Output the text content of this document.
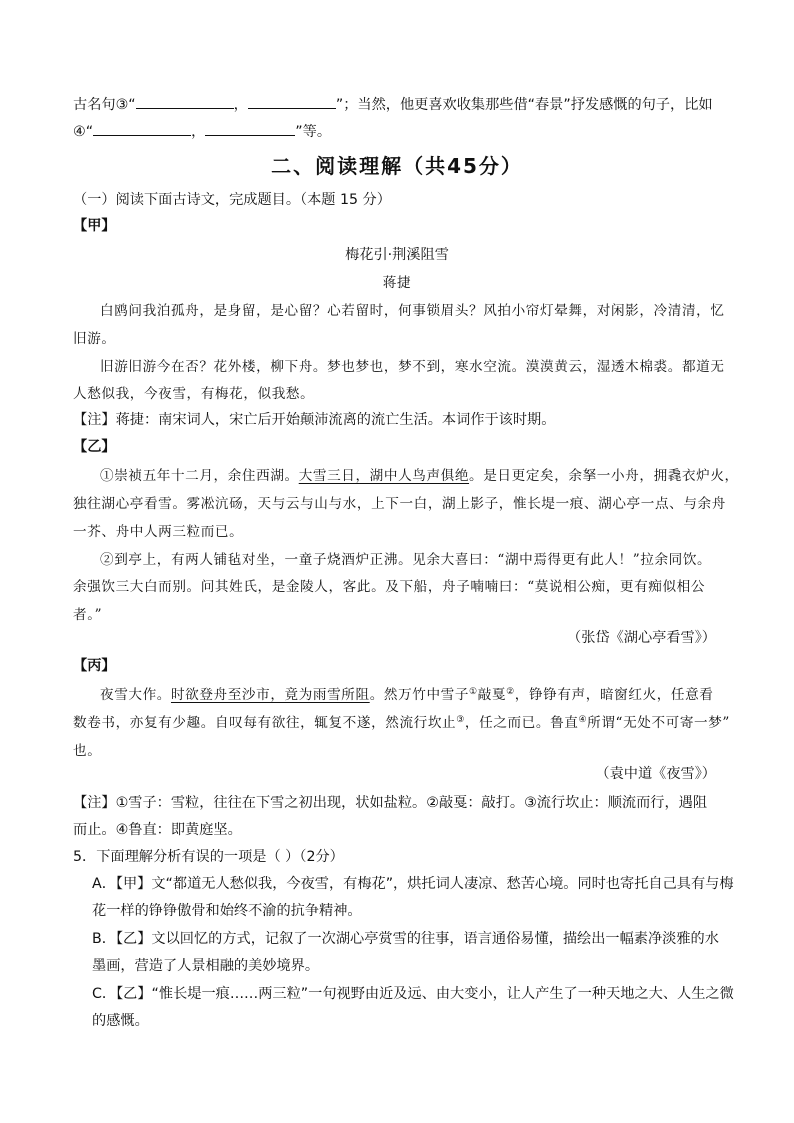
古名句③“	，	”；当然，他更喜欢收集那些借“春景”抒发感慨的句子，比如
④“	，	”等。
二、阅读理解（共45分）
（一）阅读下面古诗文，完成题目。（本题 15 分）
【甲】
梅花引·荆溪阻雪
蒋捷
白鸥问我泊孤舟，是身留，是心留？心若留时，何事锁眉头？风拍小帘灯晕舞，对闲影，冷清清，忆
旧游。
旧游旧游今在否？花外楼，柳下舟。梦也梦也，梦不到，寒水空流。漠漠黄云，湿透木棉裘。都道无
人愁似我，今夜雪，有梅花，似我愁。
【注】蒋捷：南宋词人，宋亡后开始颠沛流离的流亡生活。本词作于该时期。
【乙】
①崇祯五年十二月，余住西湖。大雪三日，湖中人鸟声俱绝。是日更定矣，余拏一小舟，拥毳衣炉火，
独往湖心亭看雪。雾凇沆砀，天与云与山与水，上下一白，湖上影子，惟长堤一痕、湖心亭一点、与余舟
一芥、舟中人两三粒而已。
②到亭上，有两人铺毡对坐，一童子烧酒炉正沸。见余大喜曰：“湖中焉得更有此人！”拉余同饮。
余强饮三大白而别。问其姓氏，是金陵人，客此。及下船，舟子喃喃曰：“莫说相公痴，更有痴似相公
者。”
（张岱《湖心亭看雪》）
【丙】
夜雪大作。时欲登舟至沙市，竟为雨雪所阻。然万竹中雪子①敲戛②，铮铮有声，暗窗红火，任意看
数卷书，亦复有少趣。自叹每有欲往，辄复不遂，然流行坎止③，任之而已。鲁直④所谓“无处不可寄一梦”
也。
（袁中道《夜雪》）
【注】①雪子：雪粒，往往在下雪之初出现，状如盐粒。②敲戛：敲打。③流行坎止：顺流而行，遇阻
而止。④鲁直：即黄庭坚。
5．下面理解分析有误的一项是（ ）（2分）
A．【甲】文“都道无人愁似我，今夜雪，有梅花”，烘托词人凄凉、愁苦心境。同时也寄托自己具有与梅
花一样的铮铮傲骨和始终不渝的抗争精神。
B．【乙】文以回忆的方式，记叙了一次湖心亭赏雪的往事，语言通俗易懂，描绘出一幅素净淡雅的水
墨画，营造了人景相融的美妙境界。
C．【乙】“惟长堤一痕……两三粒”一句视野由近及远、由大变小，让人产生了一种天地之大、人生之微
的感慨。
